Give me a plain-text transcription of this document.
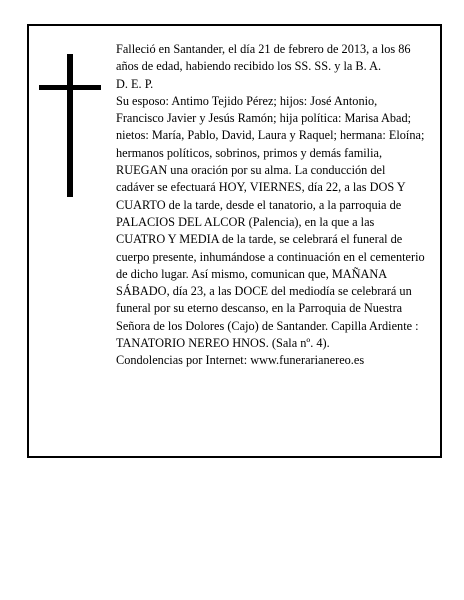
Falleció en Santander, el día 21 de febrero de 2013, a los 86 años de edad, habiendo recibido los SS. SS. y la B. A.

D. E. P.

Su esposo: Antimo Tejido Pérez; hijos: José Antonio, Francisco Javier y Jesús Ramón; hija política: Marisa Abad; nietos: María, Pablo, David, Laura y Raquel; hermana: Eloína; hermanos políticos, sobrinos, primos y demás familia,

RUEGAN una oración por su alma. La conducción del cadáver se efectuará HOY, VIERNES, día 22, a las DOS Y CUARTO de la tarde, desde el tanatorio, a la parroquia de PALACIOS DEL ALCOR (Palencia), en la que a las CUATRO Y MEDIA de la tarde, se celebrará el funeral de cuerpo presente, inhumándose a continuación en el cementerio de dicho lugar. Así mismo, comunican que, MAÑANA SÁBADO, día 23, a las DOCE del mediodía se celebrará un funeral por su eterno descanso, en la Parroquia de Nuestra Señora de los Dolores (Cajo) de Santander. Capilla Ardiente : TANATORIO NEREO HNOS. (Sala nº. 4).

Condolencias por Internet: www.funerarianereo.es
